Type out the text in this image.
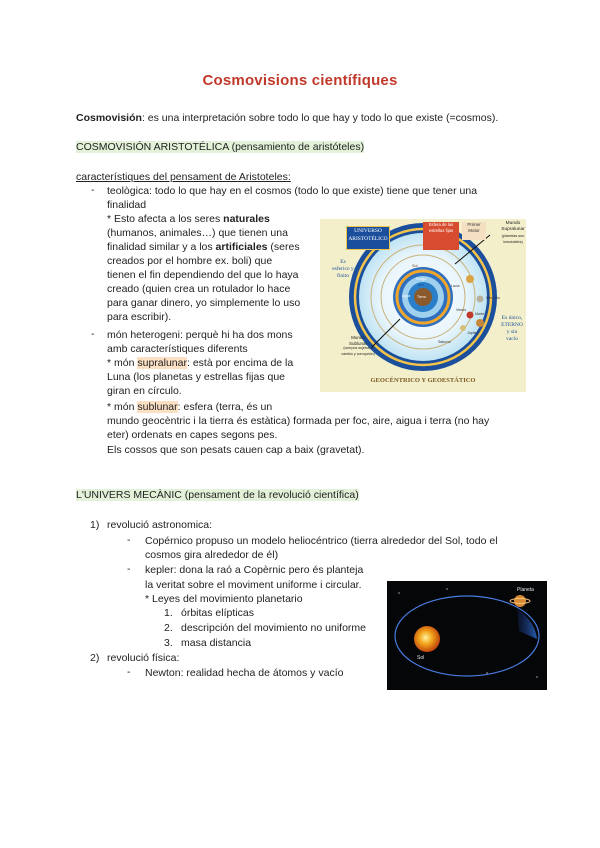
Cosmovisions científiques
Cosmovisión: es una interpretación sobre todo lo que hay y todo lo que existe (=cosmos).
COSMOVISIÓN ARISTOTÉLICA (pensamiento de aristóteles)
característiques del pensament de Aristoteles:
- teològica: todo lo que hay en el cosmos (todo lo que existe) tiene que tener una
finalidad
* Esto afecta a los seres naturales
(humanos, animales…) que tienen una
finalidad similar y a los artificiales (seres
creados por el hombre ex. boli) que
tienen el fin dependiendo del que lo haya
creado (quien crea un rotulador lo hace
para ganar dinero, yo simplemente lo uso
para escribir).
- món heterogeni: perquè hi ha dos mons
amb característiques diferents
* món supralunar: està por encima de la
Luna (los planetas y estrellas fijas que
giran en círculo.
* món sublunar: esfera (terra, és un
mundo geocèntric i la tierra és estàtica) formada per foc, aire, aigua i terra (no hay
eter) ordenats en capes segons pes.
Els cossos que son pesats cauen cap a baix (gravetat).
UNIVERSO
ARISTOTÉLICO
Esfera de las
estrellas fijas
Primer
Motor
Mundo
Supralunar
(planetas son
inmutables)
Es
esferico y
finito
Es único,
ETERNO
y sin
vacío
Mundo
Sublunar
(cuerpos sujetos a
cambio y corrupción)
Sol
Luna
Mercurio
Venus
Marte
Júpiter
Saturno
Fuego
Aire
Agua Tierra
GEOCÉNTRICO Y GEOESTÁTICO
L'UNIVERS MECÀNIC (pensament de la revolució científica)
1) revolució astronomica:
- Copérnico propuso un modelo heliocéntrico (tierra alrededor del Sol, todo el
cosmos gira alrededor de él)
- kepler: dona la raó a Copèrnic pero és planteja
la veritat sobre el moviment uniforme i circular.
* Leyes del movimiento planetario
1. órbitas elípticas
2. descripción del movimiento no uniforme
3. masa distancia
2) revolució física:
- Newton: realidad hecha de átomos y vacío
Sol
Planeta
